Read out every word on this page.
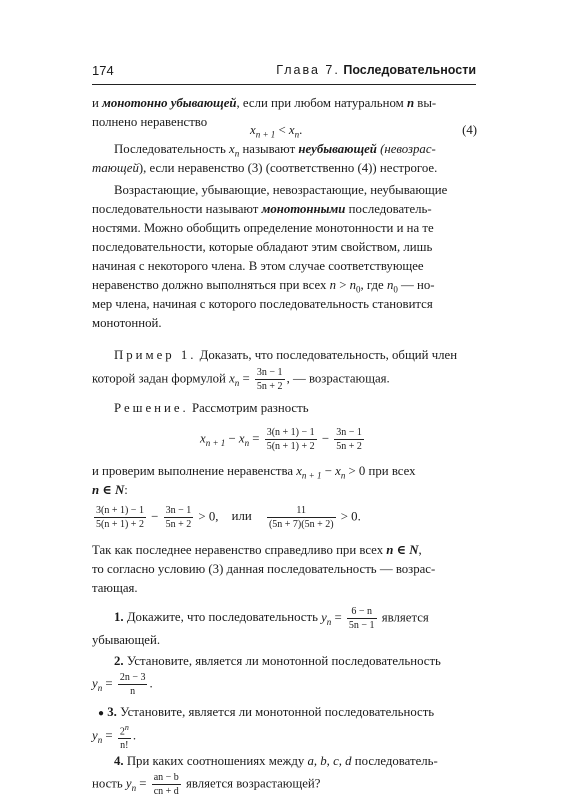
174	Глава 7. Последовательности
и монотонно убывающей, если при любом натуральном n вы-
полнено неравенство
$x_{n + 1} < x_n$.	(4)
Последовательность $x_n$ называют неубывающей (невозрас-
тающей), если неравенство (3) (соответственно (4)) нестрогое.
Возрастающие, убывающие, невозрастающие, неубывающие
последовательности называют монотонными последователь-
ностями. Можно обобщить определение монотонности и на те
последовательности, которые обладают этим свойством, лишь
начиная с некоторого члена. В этом случае соответствующее
неравенство должно выполняться при всех $n > n_0$, где $n_0$ — но-
мер члена, начиная с которого последовательность становится
монотонной.
Пример 1. Доказать, что последовательность, общий член
которой задан формулой $x_n = \frac{3n - 1}{5n + 2}$ , — возрастающая.
Решение. Рассмотрим разность
$x_{n + 1} - x_n = \frac{3(n + 1) - 1}{5(n + 1) + 2} - \frac{3n - 1}{5n + 2}$
и проверим выполнение неравенства $x_{n + 1} - x_n > 0$ при всех
n ∈ N:
$\frac{3(n + 1) - 1}{5(n + 1) + 2} - \frac{3n - 1}{5n + 2} > 0$, или $\frac{11}{(5n + 7)(5n + 2)} > 0$.
Так как последнее неравенство справедливо при всех n ∈ N,
то согласно условию (3) данная последовательность — возрас-
тающая.
1. Докажите, что последовательность $y_n = \frac{6 - n}{5n - 1}$ является
убывающей.
2. Установите, является ли монотонной последовательность
$y_n = \frac{2n - 3}{n}$ .
● 3. Установите, является ли монотонной последовательность
$y_n = \frac{2^n}{n!}$ .
4. При каких соотношениях между a, b, c, d последователь-
ность $y_n = \frac{an - b}{cn + d}$ является возрастающей?
